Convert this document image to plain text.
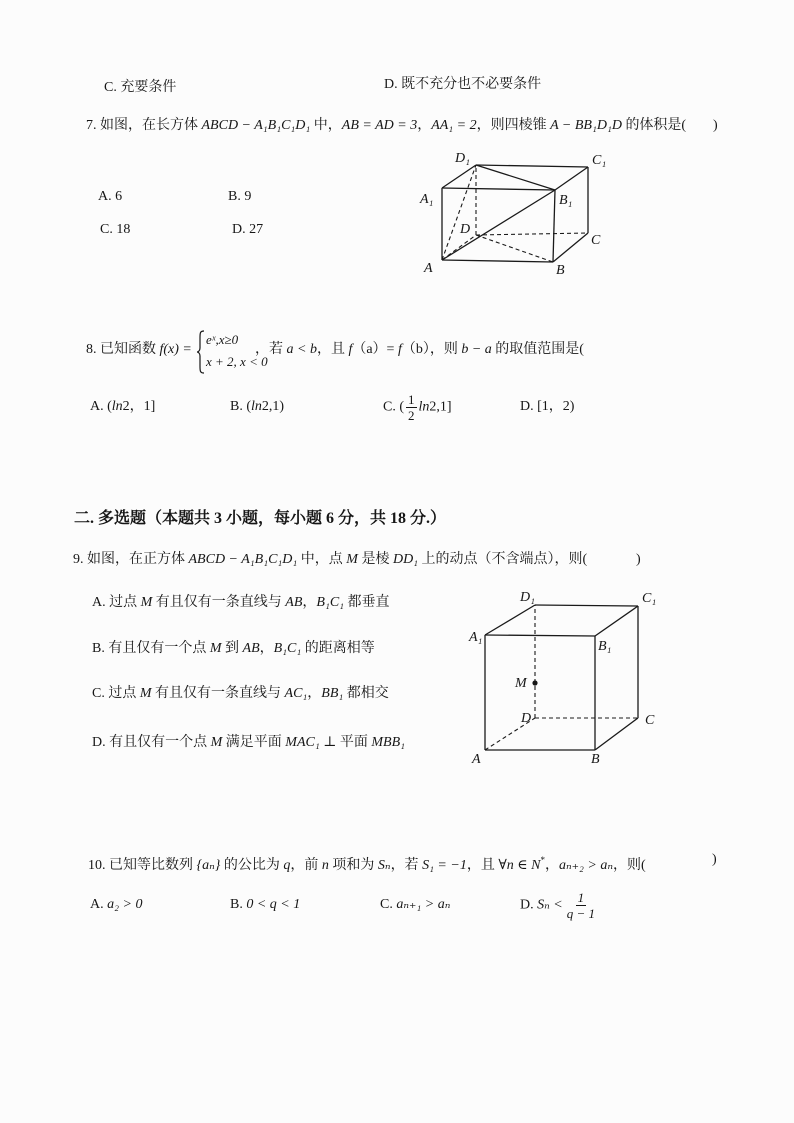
C. 充要条件	D. 既不充分也不必要条件
7. 如图，在长方体 ABCD − A₁B₁C₁D₁ 中，AB = AD = 3，AA₁ = 2，则四棱锥 A − BB₁D₁D 的体积是( )
A. 6	B. 9
C. 18	D. 27
D₁	C₁
A₁	B₁
D
C
A	B
8. 已知函数 f(x) =
eˣ,x≥0
x + 2, x < 0
，若 a < b，且 f（a）= f（b），则 b − a 的取值范围是(
A. (ln2，1]	B. (ln2,1)	C. ( $\frac{1}{2} \ln 2,1$]	D. [1，2)
二. 多选题（本题共 3 小题，每小题 6 分，共 18 分.）
9. 如图，在正方体 ABCD − A₁B₁C₁D₁ 中，点 M 是棱 DD₁ 上的动点（不含端点），则(	)
A. 过点 M 有且仅有一条直线与 AB，B₁C₁ 都垂直
B. 有且仅有一个点 M 到 AB，B₁C₁ 的距离相等
C. 过点 M 有且仅有一条直线与 AC₁，BB₁ 都相交
D. 有且仅有一个点 M 满足平面 MAC₁ ⊥ 平面 MBB₁
D₁	C₁
A₁
B₁
M
D	C
A	B
10. 已知等比数列 {aₙ} 的公比为 q，前 n 项和为 Sₙ，若 S₁ = −1，且 ∀n ∈ N*，aₙ₊₂ > aₙ，则(	)
A. a₂ > 0	B. 0 < q < 1	C. aₙ₊₁ > aₙ	D. $S_n < \frac{1}{q - 1}$
